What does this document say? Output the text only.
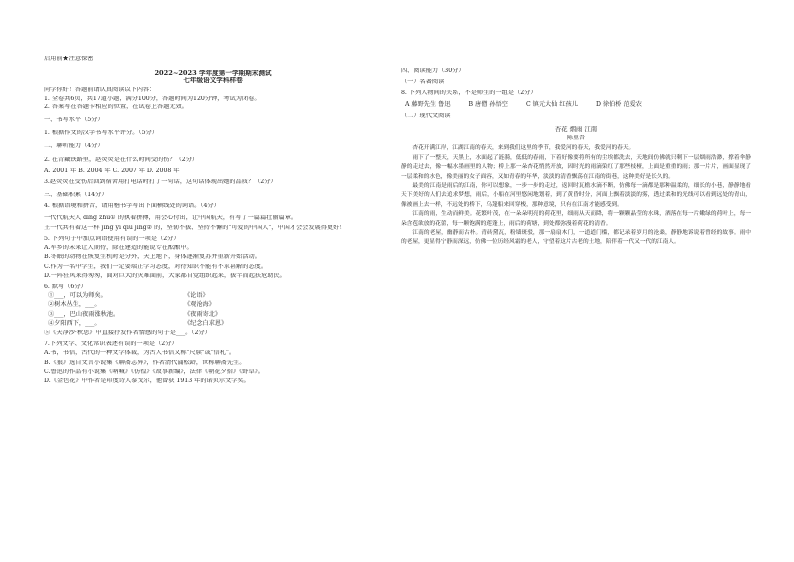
启用前★注意保密
2022~2023 学年度第一学期期末测试
七年级语文学科样卷
同学你好！答题前请认真阅读以下内容：
1. 全卷共6页，共17道小题，满分100分，答题时间为120分钟，考试为闭卷。
2. 答案写在答题卡相应的位置，在试卷上答题无效。
一、书写水平（5分）
1. 根据作文的汉字书写水平评分。（5分）
二、聊听能力（4分）
2. 在青藏铁路里，赵荧荧是在什么时间受的伤？（2分）
A. 2001 年 B. 2004 年 C. 2007 年 D. 2008 年
3.赵荧荧在受伤后回到宿舍用打电话时打了一句话，这句话体现出她的品质？（2分）
三、基础积累（14分）
4. 根据语境和拼音，请用楷书字写出下面横线处的词语。（4分）
一代代航天人 dīng zhǔ① 的执着拼搏，用会心付出，让中国航天，有写了一篇篇壮丽篇章。
王一代共有着这一样 jīng yì qiú jīng② 的，坚韧不拔、坚持不懈的"可爱的中国人"，中国才会会发展得更好！
5. 下列句子中加点词语使用有误的一项是（2分）
A.军乡的未来让人期待，除在建造的能说专在酝酿中。
B.冬眠的动物在恢复生机时是分外，天上地下，身体逐渐复苏并重新开始活动。
C.作为一名中学生，我们一定要端正学习态度，对待知识不能有不求甚解的态度。
D.一阵狂风来得匆匆，面对巨大的灾难面前，大家都自觉组织起来，拔竿而起扶危助民。
6. 默写（6分）
①___，可以为师矣。	《论语》
②树木丛生，___。	《观沧海》
③___，巴山夜雨涨秋池。	《夜雨寄北》
④夕阳西下，___。	《纪念白求恩》
⑤《天净沙·秋思》中直接抒发作者情感的句子是___。（2分）
7.下列文学、文化常识表述有误的一项是（2分）
A.书，书信，古代的一种文学体裁，为古人书信又称"尺牍"或"信札"。
B.《狼》选自文言小说集《聊斋志异》，作者清代蒲松龄，世称聊斋先生。
C.鲁迅的作品有小说集《呐喊》《彷徨》《故事新编》，法律《朝花夕拾》《野草》。
D.《金色花》中作者是印度诗人泰戈尔，他曾获 1913 年的诺贝尔文学奖。
四、阅读能力（30分）
（一）名著阅读
8. 下列人物间的关系，不是师生的一组是（2分）
A 藤野先生 鲁迅	B 唐僧 孙悟空	C 镇元大仙 红孩儿	D 徐伯桥 范爱农
（二）现代文阅读
杏花 烟雨 江南
陈重吾
杏花开满江岸，江湖江南的春天，来到我们这里的季节，我爱河的春天，我爱河的春天。
雨下了一整天，天黑上，水面起了涟漪，低低的春雨，下着好像要将所有的尘埃都洗去，天地间仿佛就只剩下一层烟雨浩渺，撑着伞静静的走过去，像一幅水墨画里的人物；桥上那一朵杏花悄然开放，因时光的雨滴染红了那些枝桠，上面是重重的雨；那一片片，画面显现了一层柔和的水色，像美丽的女子面容，又如青春的年华，淡淡的清香飘荡在江南的街巷，这种美好是长久的。
最美的江南是雨后的江南，你可以想象，一步一步的走过，返回时瓦檐水滴不断，仿佛每一滴都是那种温柔的，细长的小巷，静静地看天下美好的人们去追求梦想，雨后，小船在河里悠闲地划着，到了黄昏时分，河面上飘着淡淡的雾，透过柔和的光线可以看到远处的青山，像被画上去一样，不远处的桥下，乌篷船来回穿梭，那种意境，只有在江南才能感受到。
江南的雨，生动而鲜美。花繁叶茂，在一朵朵明亮的荷花里，细雨从天而降，将一颗颗晶莹的水珠，洒落在每一片嫩绿的荷叶上，每一朵含苞欲放的花蕾，每一颗饱满的莲蓬上，雨后的荷塘，到处都弥漫着荷花的清香。
江南的老屋，幽静而古朴。青砖黛瓦，粉墙斑驳，那一扇扇木门，一道道门槛，都记录着岁月的沧桑，静静地诉说着曾经的故事。雨中的老屋，更显得宁静而深远，仿佛一位历经风霜的老人，守望着这片古老的土地，陪伴着一代又一代的江南人。
